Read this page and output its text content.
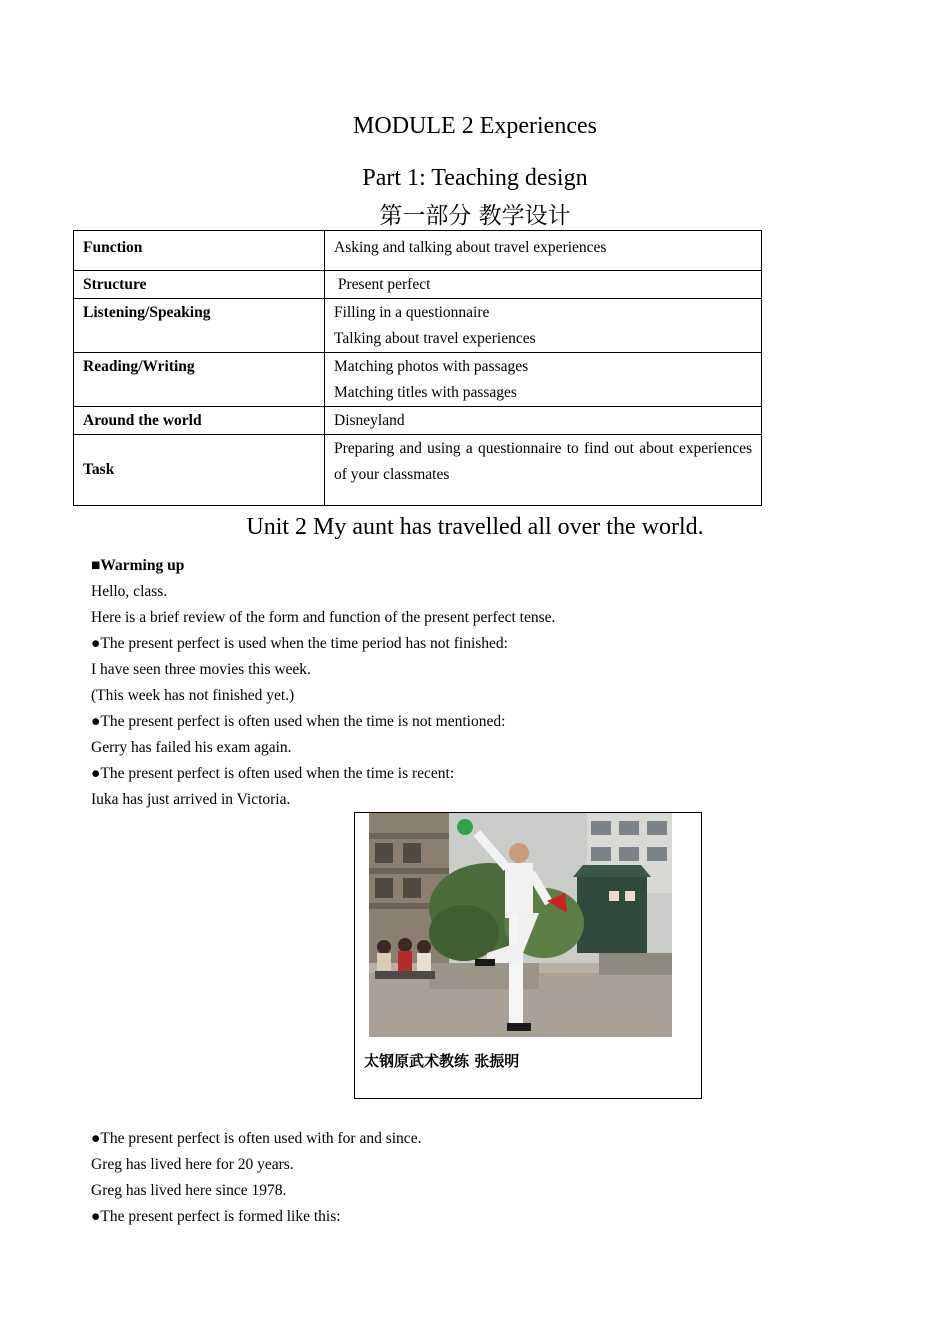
MODULE 2 Experiences
Part 1: Teaching design
第一部分 教学设计
Function	Asking and talking about travel experiences

Structure	Present perfect

Listening/Speaking	Filling in a questionnaire
Talking about travel experiences

Reading/Writing	Matching photos with passages
Matching titles with passages

Around the world	Disneyland

Task	Preparing and using a questionnaire to find out about experiences of your classmates
Unit 2 My aunt has travelled all over the world.

■Warming up

Hello, class.

Here is a brief review of the form and function of the present perfect tense.

●The present perfect is used when the time period has not finished:

I have seen three movies this week.

(This week has not finished yet.)

●The present perfect is often used when the time is not mentioned:

Gerry has failed his exam again.

●The present perfect is often used when the time is recent:

Iuka has just arrived in Victoria.

太钢原武术教练 张振明

●The present perfect is often used with for and since.

Greg has lived here for 20 years.

Greg has lived here since 1978.

●The present perfect is formed like this:
